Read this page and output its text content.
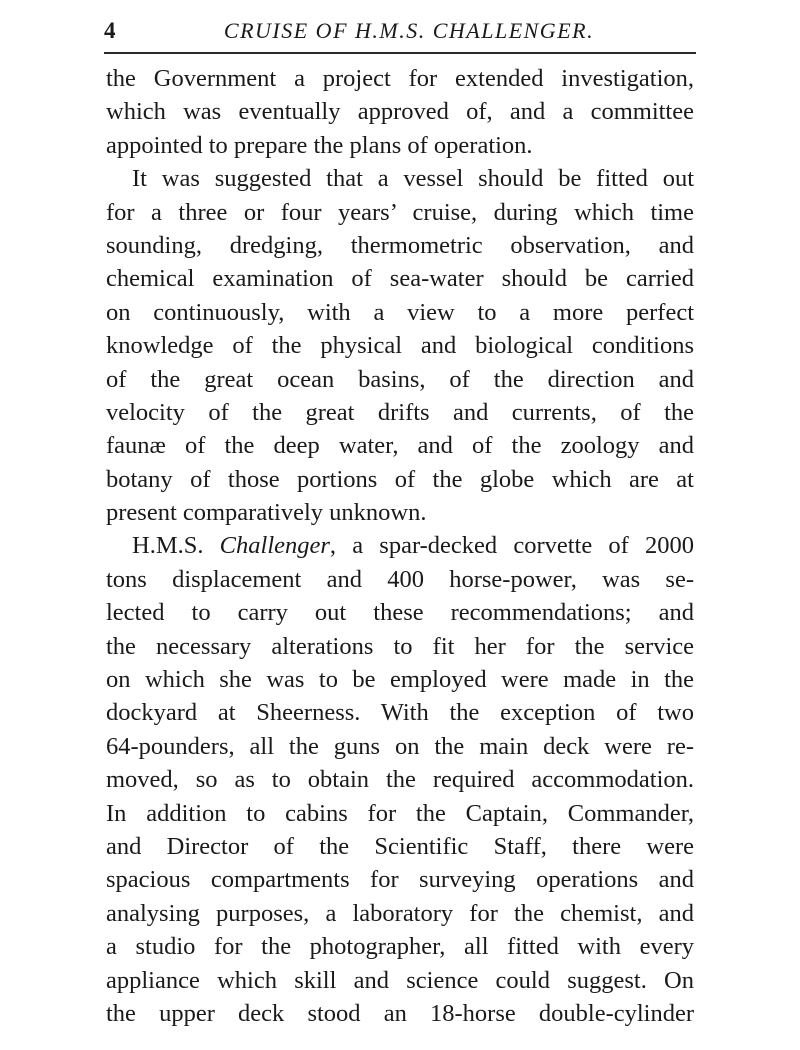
4	CRUISE OF H.M.S. CHALLENGER.
the Government a project for extended investigation,
which was eventually approved of, and a committee
appointed to prepare the plans of operation.
It was suggested that a vessel should be fitted out
for a three or four years’ cruise, during which time
sounding, dredging, thermometric observation, and
chemical examination of sea-water should be carried
on continuously, with a view to a more perfect
knowledge of the physical and biological conditions
of the great ocean basins, of the direction and
velocity of the great drifts and currents, of the
faunæ of the deep water, and of the zoology and
botany of those portions of the globe which are at
present comparatively unknown.
H.M.S. Challenger, a spar-decked corvette of 2000
tons displacement and 400 horse-power, was se-
lected to carry out these recommendations; and
the necessary alterations to fit her for the service
on which she was to be employed were made in the
dockyard at Sheerness. With the exception of two
64-pounders, all the guns on the main deck were re-
moved, so as to obtain the required accommodation.
In addition to cabins for the Captain, Commander,
and Director of the Scientific Staff, there were
spacious compartments for surveying operations and
analysing purposes, a laboratory for the chemist, and
a studio for the photographer, all fitted with every
appliance which skill and science could suggest. On
the upper deck stood an 18-horse double-cylinder
